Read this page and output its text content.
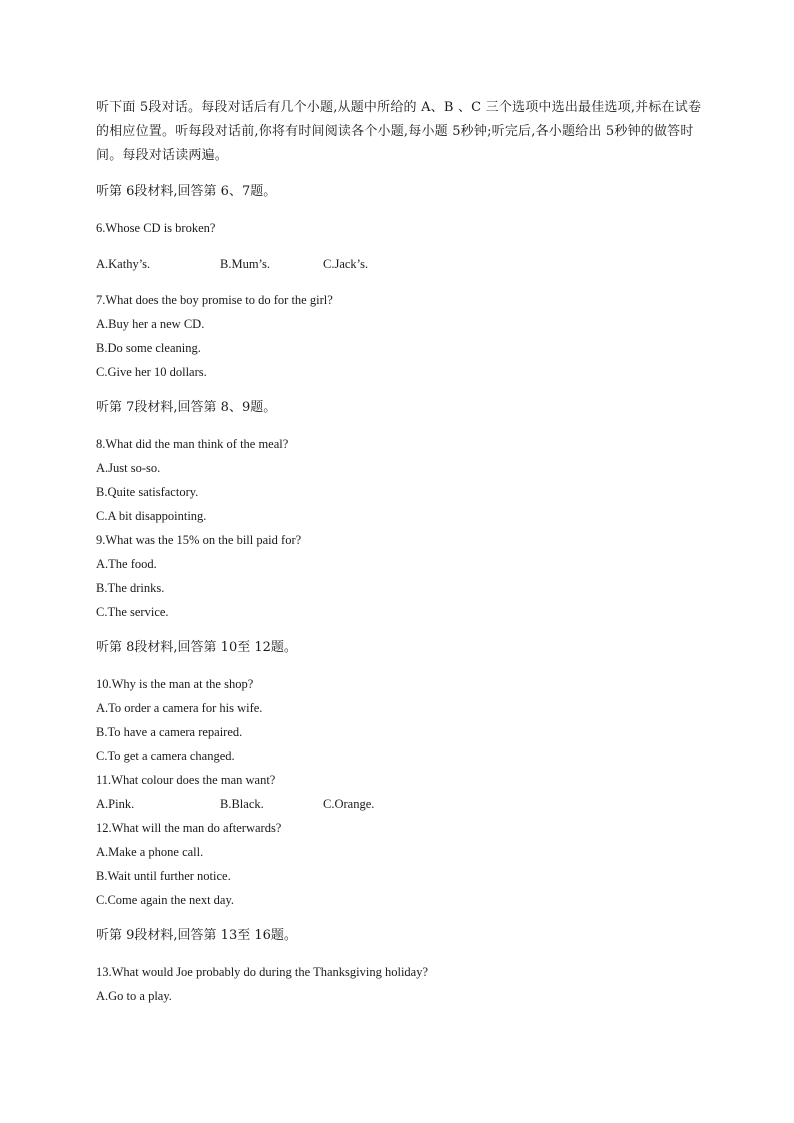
听下面 5段对话。每段对话后有几个小题,从题中所给的 A、B 、C 三个选项中选出最佳选项,并标在试卷的相应位置。听每段对话前,你将有时间阅读各个小题,每小题 5秒钟;听完后,各小题给出 5秒钟的做答时间。每段对话读两遍。

听第 6段材料,回答第 6、7题。

6.Whose CD is broken?

A.Kathy’s.	B.Mum’s.	C.Jack’s.

7.What does the boy promise to do for the girl?

A.Buy her a new CD.

B.Do some cleaning.

C.Give her 10 dollars.

听第 7段材料,回答第 8、9题。

8.What did the man think of the meal?

A.Just so-so.

B.Quite satisfactory.

C.A bit disappointing.

9.What was the 15% on the bill paid for?

A.The food.

B.The drinks.

C.The service.

听第 8段材料,回答第 10至 12题。

10.Why is the man at the shop?

A.To order a camera for his wife.

B.To have a camera repaired.

C.To get a camera changed.

11.What colour does the man want?

A.Pink.	B.Black.	C.Orange.

12.What will the man do afterwards?

A.Make a phone call.

B.Wait until further notice.

C.Come again the next day.

听第 9段材料,回答第 13至 16题。

13.What would Joe probably do during the Thanksgiving holiday?

A.Go to a play.
